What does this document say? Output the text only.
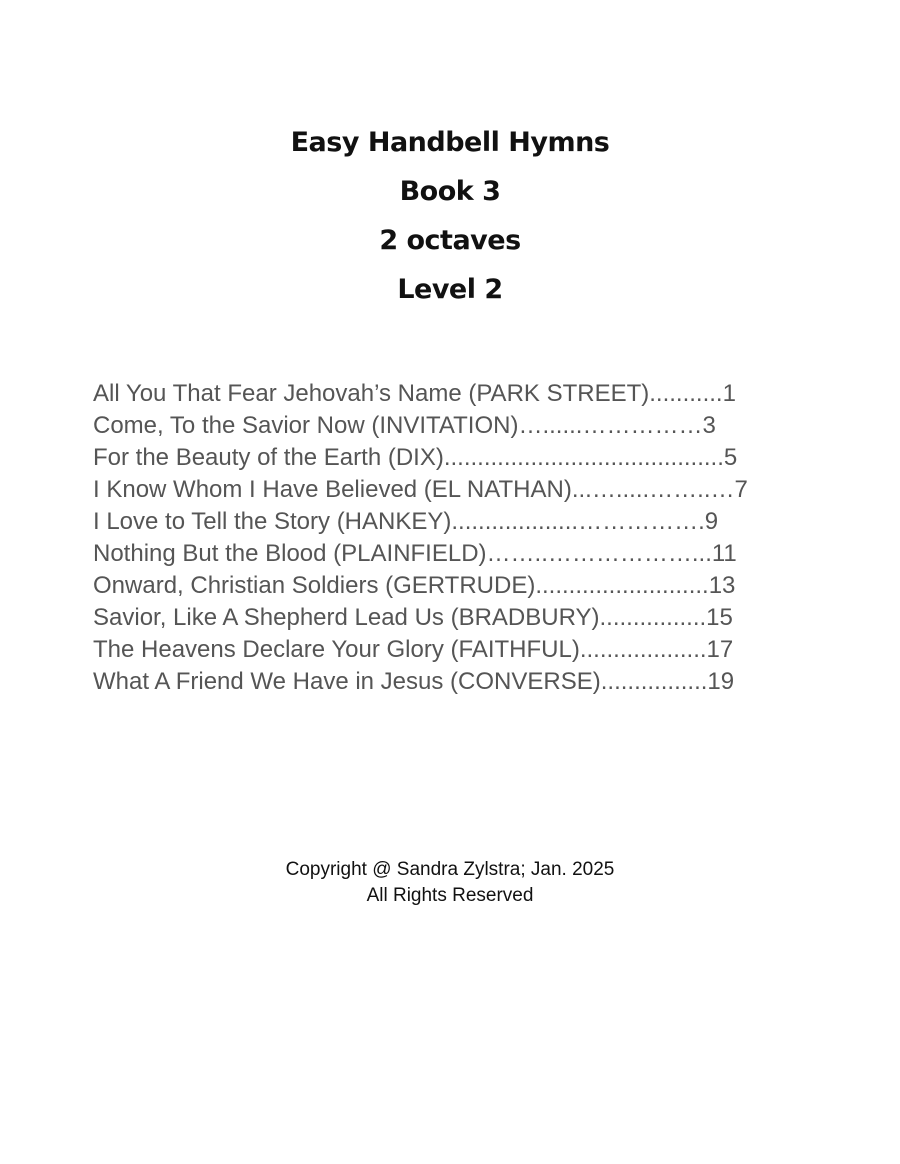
Easy Handbell Hymns
Book 3
2 octaves
Level 2
All You That Fear Jehovah’s Name (PARK STREET)...........1
Come, To the Savior Now (INVITATION)…......……………3
For the Beauty of the Earth (DIX)..........................................5
I Know Whom I Have Believed (EL NATHAN)...….....……..…7
I Love to Tell the Story (HANKEY)...................…………….9
Nothing But the Blood (PLAINFIELD)……..………………...11
Onward, Christian Soldiers (GERTRUDE)..........................13
Savior, Like A Shepherd Lead Us (BRADBURY)................15
The Heavens Declare Your Glory (FAITHFUL)...................17
What A Friend We Have in Jesus (CONVERSE)................19
Copyright @ Sandra Zylstra; Jan. 2025
All Rights Reserved
